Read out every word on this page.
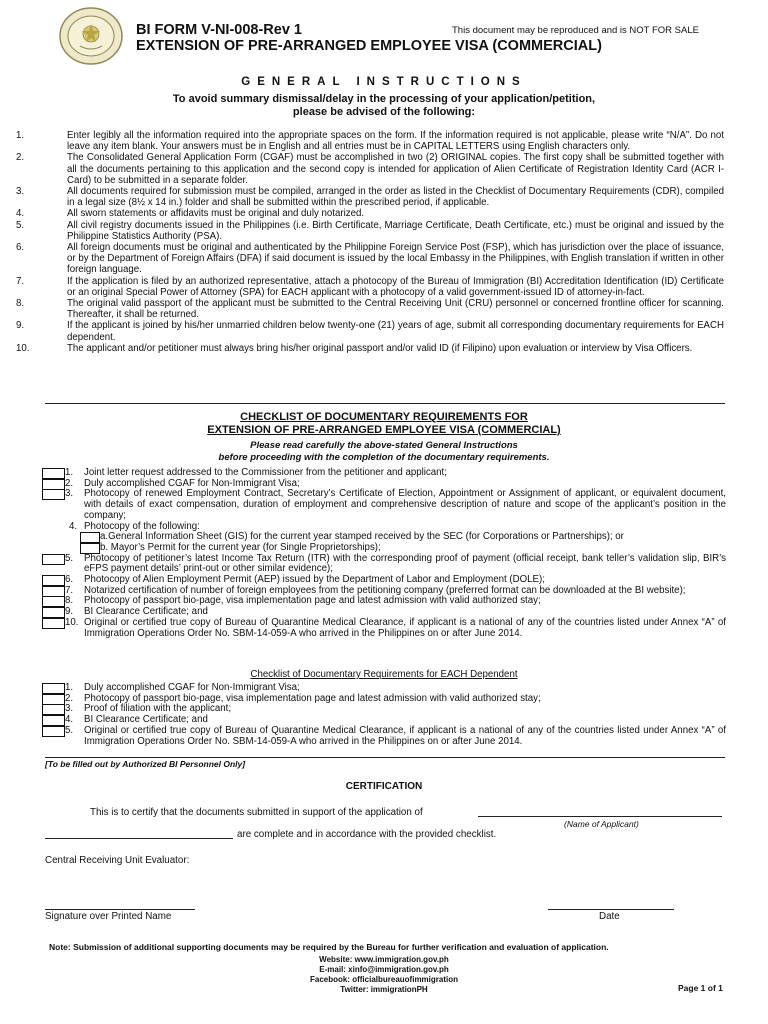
BI FORM V-NI-008-Rev 1	This document may be reproduced and is NOT FOR SALE
EXTENSION OF PRE-ARRANGED EMPLOYEE VISA (COMMERCIAL)
GENERAL INSTRUCTIONS
To avoid summary dismissal/delay in the processing of your application/petition,
please be advised of the following:
1.	Enter legibly all the information required into the appropriate spaces on the form. If the information required is not applicable, please write “N/A”. Do not leave any item blank. Your answers must be in English and all entries must be in CAPITAL LETTERS using English characters only.
2.	The Consolidated General Application Form (CGAF) must be accomplished in two (2) ORIGINAL copies. The first copy shall be submitted together with all the documents pertaining to this application and the second copy is intended for application of Alien Certificate of Registration Identity Card (ACR I-Card) to be submitted in a separate folder.
3.	All documents required for submission must be compiled, arranged in the order as listed in the Checklist of Documentary Requirements (CDR), compiled in a legal size (8½ x 14 in.) folder and shall be submitted within the prescribed period, if applicable.
4.	All sworn statements or affidavits must be original and duly notarized.
5.	All civil registry documents issued in the Philippines (i.e. Birth Certificate, Marriage Certificate, Death Certificate, etc.) must be original and issued by the Philippine Statistics Authority (PSA).
6.	All foreign documents must be original and authenticated by the Philippine Foreign Service Post (FSP), which has jurisdiction over the place of issuance, or by the Department of Foreign Affairs (DFA) if said document is issued by the local Embassy in the Philippines, with English translation if written in other foreign language.
7.	If the application is filed by an authorized representative, attach a photocopy of the Bureau of Immigration (BI) Accreditation Identification (ID) Certificate or an original Special Power of Attorney (SPA) for EACH applicant with a photocopy of a valid government-issued ID of attorney-in-fact.
8.	The original valid passport of the applicant must be submitted to the Central Receiving Unit (CRU) personnel or concerned frontline officer for scanning. Thereafter, it shall be returned.
9.	If the applicant is joined by his/her unmarried children below twenty-one (21) years of age, submit all corresponding documentary requirements for EACH dependent.
10.	The applicant and/or petitioner must always bring his/her original passport and/or valid ID (if Filipino) upon evaluation or interview by Visa Officers.
CHECKLIST OF DOCUMENTARY REQUIREMENTS FOR
EXTENSION OF PRE-ARRANGED EMPLOYEE VISA (COMMERCIAL)
Please read carefully the above-stated General Instructions
before proceeding with the completion of the documentary requirements.
1. Joint letter request addressed to the Commissioner from the petitioner and applicant;
2. Duly accomplished CGAF for Non-Immigrant Visa;
3. Photocopy of renewed Employment Contract, Secretary’s Certificate of Election, Appointment or Assignment of applicant, or equivalent document, with details of exact compensation, duration of employment and comprehensive description of nature and scope of the applicant’s position in the company;
4. Photocopy of the following:
a.General Information Sheet (GIS) for the current year stamped received by the SEC (for Corporations or Partnerships); or
b. Mayor’s Permit for the current year (for Single Proprietorships);
5. Photocopy of petitioner’s latest Income Tax Return (ITR) with the corresponding proof of payment (official receipt, bank teller’s validation slip, BIR’s eFPS payment details’ print-out or other similar evidence);
6. Photocopy of Alien Employment Permit (AEP) issued by the Department of Labor and Employment (DOLE);
7. Notarized certification of number of foreign employees from the petitioning company (preferred format can be downloaded at the BI website);
8. Photocopy of passport bio-page, visa implementation page and latest admission with valid authorized stay;
9. BI Clearance Certificate; and
10. Original or certified true copy of Bureau of Quarantine Medical Clearance, if applicant is a national of any of the countries listed under Annex “A” of Immigration Operations Order No. SBM-14-059-A who arrived in the Philippines on or after June 2014.
Checklist of Documentary Requirements for EACH Dependent
1. Duly accomplished CGAF for Non-Immigrant Visa;
2. Photocopy of passport bio-page, visa implementation page and latest admission with valid authorized stay;
3. Proof of filiation with the applicant;
4. BI Clearance Certificate; and
5. Original or certified true copy of Bureau of Quarantine Medical Clearance, if applicant is a national of any of the countries listed under Annex “A” of Immigration Operations Order No. SBM-14-059-A who arrived in the Philippines on or after June 2014.
[To be filled out by Authorized BI Personnel Only]
CERTIFICATION
This is to certify that the documents submitted in support of the application of
(Name of Applicant)
are complete and in accordance with the provided checklist.
Central Receiving Unit Evaluator:
Signature over Printed Name	Date
Note: Submission of additional supporting documents may be required by the Bureau for further verification and evaluation of application.
Website: www.immigration.gov.ph
E-mail: xinfo@immigration.gov.ph
Facebook: officialbureauofimmigration
Twitter: immigrationPH	Page 1 of 1
